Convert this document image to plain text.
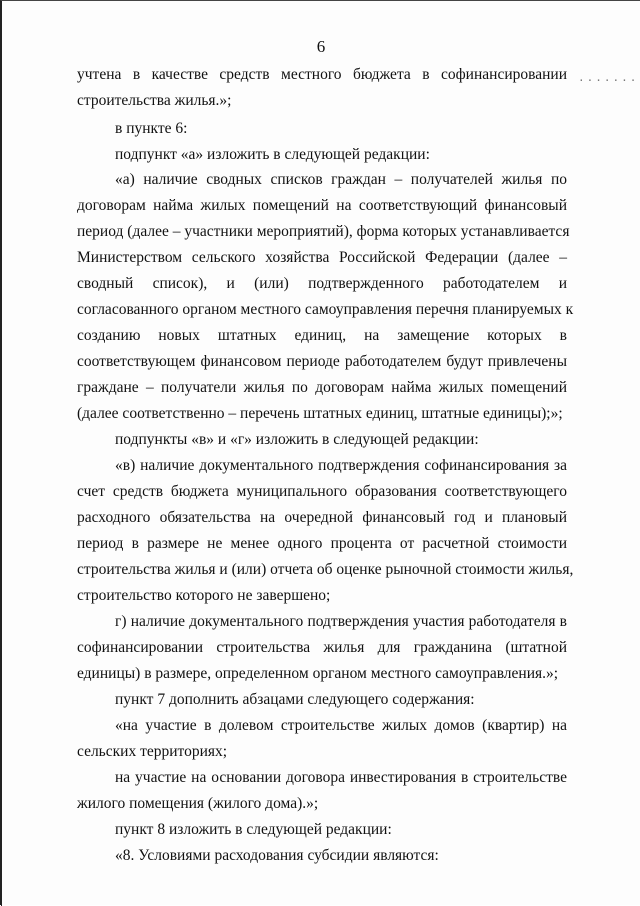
6
учтена в качестве средств местного бюджета в софинансировании .......
строительства жилья.»;
в пункте 6:
подпункт «а» изложить в следующей редакции:
«а) наличие сводных списков граждан – получателей жилья по
договорам найма жилых помещений на соответствующий финансовый
период (далее – участники мероприятий), форма которых устанавливается
Министерством сельского хозяйства Российской Федерации (далее –
сводный список), и (или) подтвержденного работодателем и
согласованного органом местного самоуправления перечня планируемых к
созданию новых штатных единиц, на замещение которых в
соответствующем финансовом периоде работодателем будут привлечены
граждане – получатели жилья по договорам найма жилых помещений
(далее соответственно – перечень штатных единиц, штатные единицы);»;
подпункты «в» и «г» изложить в следующей редакции:
«в) наличие документального подтверждения софинансирования за
счет средств бюджета муниципального образования соответствующего
расходного обязательства на очередной финансовый год и плановый
период в размере не менее одного процента от расчетной стоимости
строительства жилья и (или) отчета об оценке рыночной стоимости жилья,
строительство которого не завершено;
г) наличие документального подтверждения участия работодателя в
софинансировании строительства жилья для гражданина (штатной
единицы) в размере, определенном органом местного самоуправления.»;
пункт 7 дополнить абзацами следующего содержания:
«на участие в долевом строительстве жилых домов (квартир) на
сельских территориях;
на участие на основании договора инвестирования в строительстве
жилого помещения (жилого дома).»;
пункт 8 изложить в следующей редакции:
«8. Условиями расходования субсидии являются:
